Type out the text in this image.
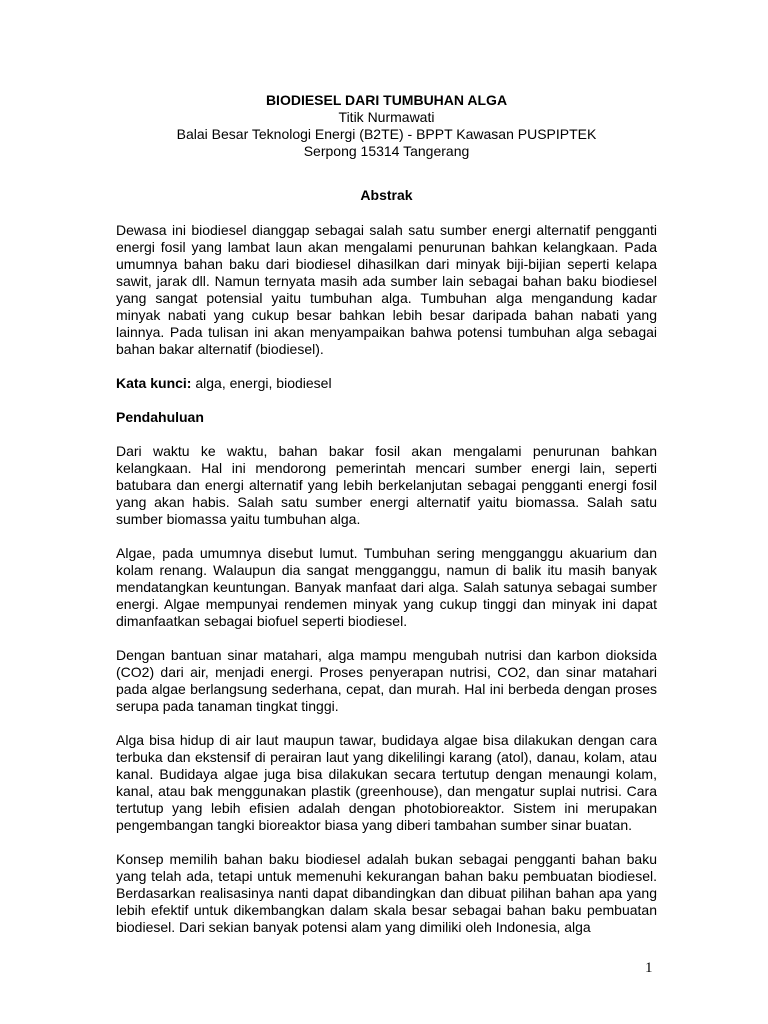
BIODIESEL DARI TUMBUHAN ALGA
Titik Nurmawati
Balai Besar Teknologi Energi (B2TE) - BPPT Kawasan PUSPIPTEK
Serpong 15314 Tangerang
Abstrak

Dewasa ini biodiesel dianggap sebagai salah satu sumber energi alternatif pengganti energi fosil yang lambat laun akan mengalami penurunan bahkan kelangkaan. Pada umumnya bahan baku dari biodiesel dihasilkan dari minyak biji-bijian seperti kelapa sawit, jarak dll. Namun ternyata masih ada sumber lain sebagai bahan baku biodiesel yang sangat potensial yaitu tumbuhan alga. Tumbuhan alga mengandung kadar minyak nabati yang cukup besar bahkan lebih besar daripada bahan nabati yang lainnya. Pada tulisan ini akan menyampaikan bahwa potensi tumbuhan alga sebagai bahan bakar alternatif (biodiesel).

Kata kunci: alga, energi, biodiesel
Pendahuluan

Dari waktu ke waktu, bahan bakar fosil akan mengalami penurunan bahkan kelangkaan. Hal ini mendorong pemerintah mencari sumber energi lain, seperti batubara dan energi alternatif yang lebih berkelanjutan sebagai pengganti energi fosil yang akan habis. Salah satu sumber energi alternatif yaitu biomassa. Salah satu sumber biomassa yaitu tumbuhan alga.

Algae, pada umumnya disebut lumut. Tumbuhan sering mengganggu akuarium dan kolam renang. Walaupun dia sangat mengganggu, namun di balik itu masih banyak mendatangkan keuntungan. Banyak manfaat dari alga. Salah satunya sebagai sumber energi. Algae mempunyai rendemen minyak yang cukup tinggi dan minyak ini dapat dimanfaatkan sebagai biofuel seperti biodiesel.

Dengan bantuan sinar matahari, alga mampu mengubah nutrisi dan karbon dioksida (CO2) dari air, menjadi energi. Proses penyerapan nutrisi, CO2, dan sinar matahari pada algae berlangsung sederhana, cepat, dan murah. Hal ini berbeda dengan proses serupa pada tanaman tingkat tinggi.

Alga bisa hidup di air laut maupun tawar, budidaya algae bisa dilakukan dengan cara terbuka dan ekstensif di perairan laut yang dikelilingi karang (atol), danau, kolam, atau kanal. Budidaya algae juga bisa dilakukan secara tertutup dengan menaungi kolam, kanal, atau bak menggunakan plastik (greenhouse), dan mengatur suplai nutrisi. Cara tertutup yang lebih efisien adalah dengan photobioreaktor. Sistem ini merupakan pengembangan tangki bioreaktor biasa yang diberi tambahan sumber sinar buatan.

Konsep memilih bahan baku biodiesel adalah bukan sebagai pengganti bahan baku yang telah ada, tetapi untuk memenuhi kekurangan bahan baku pembuatan biodiesel. Berdasarkan realisasinya nanti dapat dibandingkan dan dibuat pilihan bahan apa yang lebih efektif untuk dikembangkan dalam skala besar sebagai bahan baku pembuatan biodiesel. Dari sekian banyak potensi alam yang dimiliki oleh Indonesia, alga

1
